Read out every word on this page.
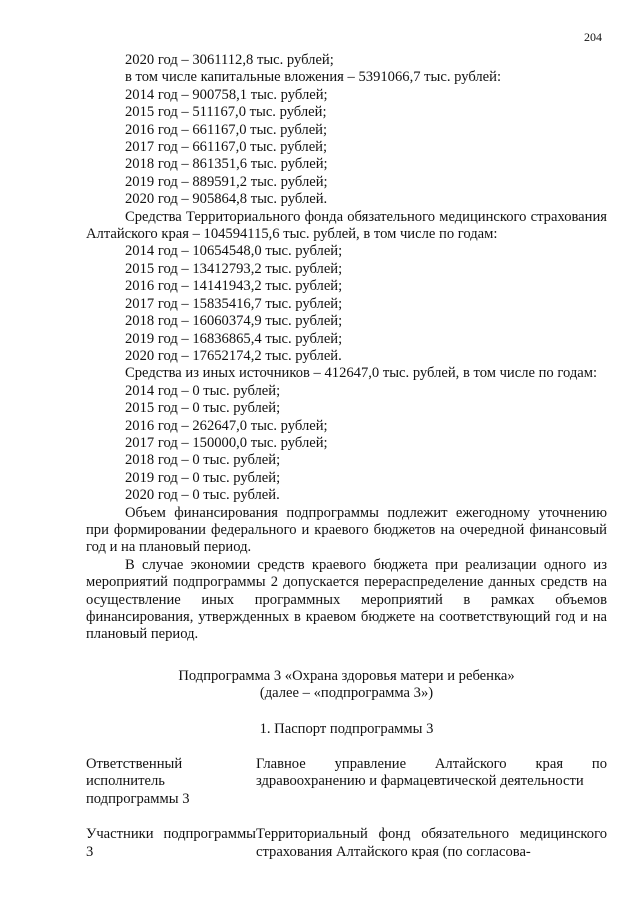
204
2020 год – 3061112,8 тыс. рублей;
в том числе капитальные вложения – 5391066,7 тыс. рублей:
2014 год – 900758,1 тыс. рублей;
2015 год – 511167,0 тыс. рублей;
2016 год – 661167,0 тыс. рублей;
2017 год – 661167,0 тыс. рублей;
2018 год – 861351,6 тыс. рублей;
2019 год – 889591,2 тыс. рублей;
2020 год – 905864,8 тыс. рублей.
Средства Территориального фонда обязательного медицинского страхования Алтайского края – 104594115,6 тыс. рублей, в том числе по годам:
2014 год – 10654548,0 тыс. рублей;
2015 год – 13412793,2 тыс. рублей;
2016 год – 14141943,2 тыс. рублей;
2017 год – 15835416,7 тыс. рублей;
2018 год – 16060374,9 тыс. рублей;
2019 год – 16836865,4 тыс. рублей;
2020 год – 17652174,2 тыс. рублей.
Средства из иных источников – 412647,0 тыс. рублей, в том числе по годам:
2014 год – 0 тыс. рублей;
2015 год – 0 тыс. рублей;
2016 год – 262647,0 тыс. рублей;
2017 год – 150000,0 тыс. рублей;
2018 год – 0 тыс. рублей;
2019 год – 0 тыс. рублей;
2020 год – 0 тыс. рублей.
Объем финансирования подпрограммы подлежит ежегодному уточнению при формировании федерального и краевого бюджетов на очередной финансовый год и на плановый период.
В случае экономии средств краевого бюджета при реализации одного из мероприятий подпрограммы 2 допускается перераспределение данных средств на осуществление иных программных мероприятий в рамках объемов финансирования, утвержденных в краевом бюджете на соответствующий год и на плановый период.
Подпрограмма 3 «Охрана здоровья матери и ребенка»
(далее – «подпрограмма 3»)
1. Паспорт подпрограммы 3
Ответственный исполнитель подпрограммы 3
Главное управление Алтайского края по здравоохранению и фармацевтической деятельности
Участники подпрограммы 3
Территориальный фонд обязательного медицинского страхования Алтайского края (по согласова-
